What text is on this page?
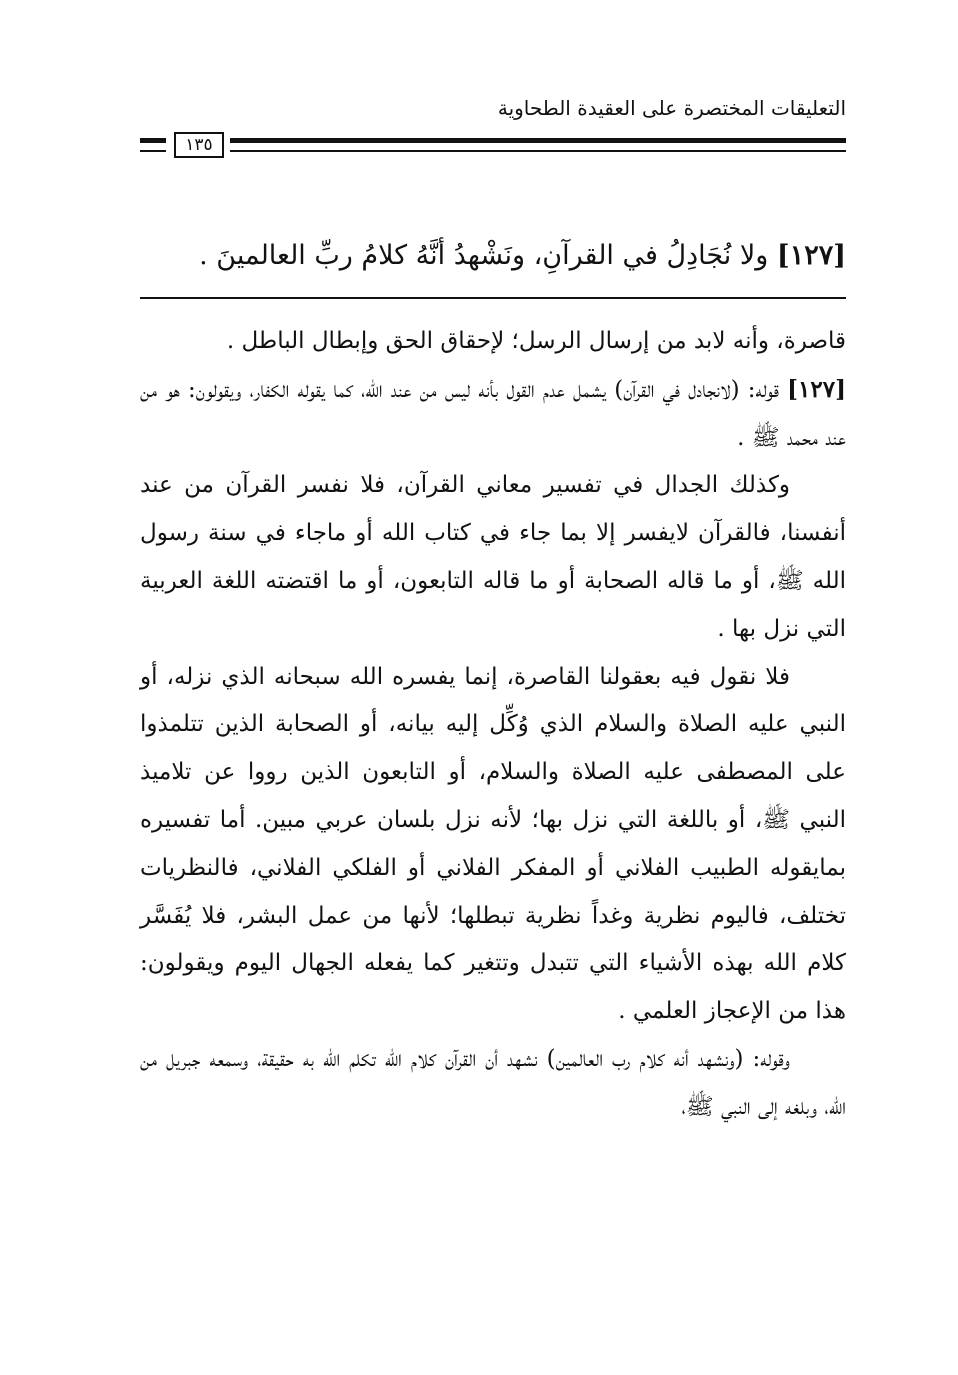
التعليقات المختصرة على العقيدة الطحاوية
١٣٥
[١٢٧] ولا نُجَادِلُ في القرآنِ، ونَشْهدُ أنَّهُ كلامُ ربِّ العالمينَ .

قاصرة، وأنه لابد من إرسال الرسل؛ لإحقاق الحق وإبطال الباطل .

[١٢٧] قوله: (لانجادل في القرآن) يشمل عدم القول بأنه ليس من عند الله، كما يقوله الكفار، ويقولون: هو من عند محمد ﷺ .

وكذلك الجدال في تفسير معاني القرآن، فلا نفسر القرآن من عند أنفسنا، فالقرآن لايفسر إلا بما جاء في كتاب الله أو ماجاء في سنة رسول الله ﷺ، أو ما قاله الصحابة أو ما قاله التابعون، أو ما اقتضته اللغة العربية التي نزل بها .

فلا نقول فيه بعقولنا القاصرة، إنما يفسره الله سبحانه الذي نزله، أو النبي عليه الصلاة والسلام الذي وُكِّل إليه بيانه، أو الصحابة الذين تتلمذوا على المصطفى عليه الصلاة والسلام، أو التابعون الذين رووا عن تلاميذ النبي ﷺ، أو باللغة التي نزل بها؛ لأنه نزل بلسان عربي مبين. أما تفسيره بمايقوله الطبيب الفلاني أو المفكر الفلاني أو الفلكي الفلاني، فالنظريات تختلف، فاليوم نظرية وغداً نظرية تبطلها؛ لأنها من عمل البشر، فلا يُفَسَّر كلام الله بهذه الأشياء التي تتبدل وتتغير كما يفعله الجهال اليوم ويقولون: هذا من الإعجاز العلمي .

وقوله: (ونشهد أنه كلام رب العالمين) نشهد أن القرآن كلام الله تكلم الله به حقيقة، وسمعه جبريل من الله، وبلغه إلى النبي ﷺ،
